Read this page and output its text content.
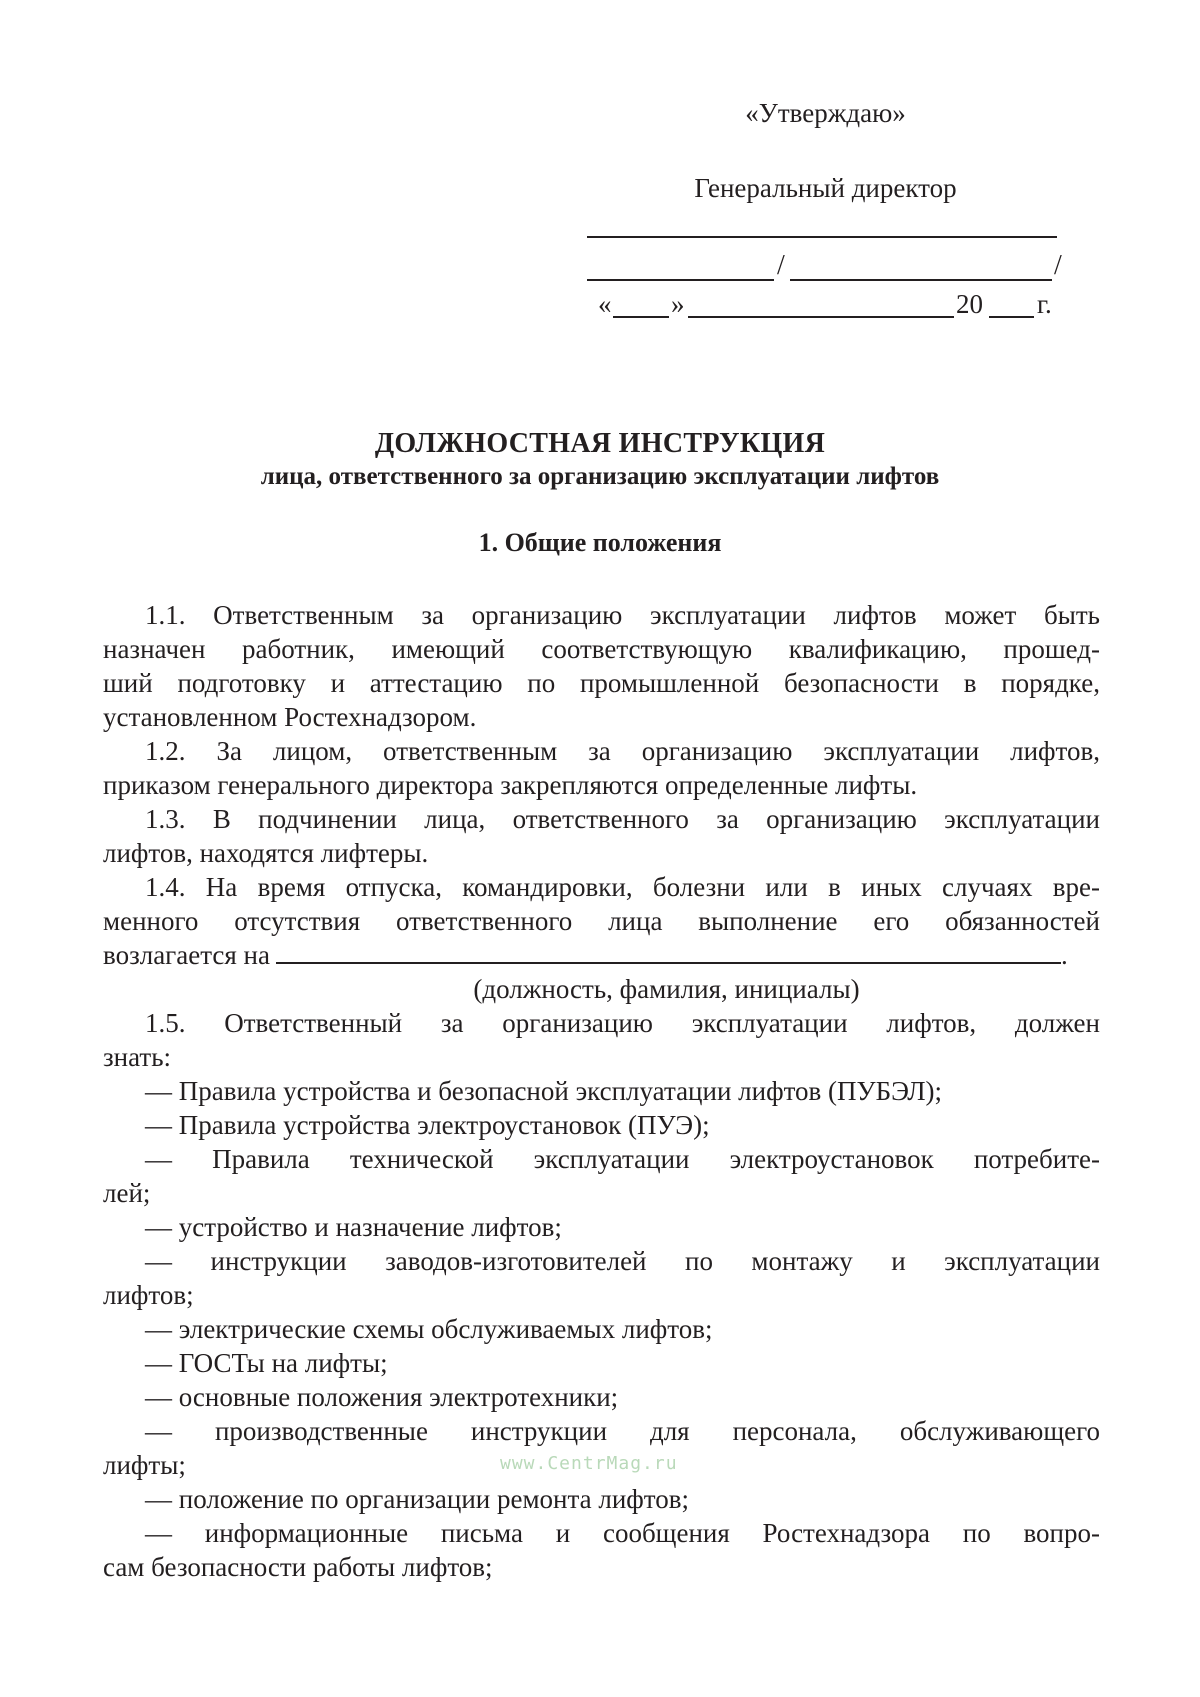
«Утверждаю»
Генеральный директор
/	/
« »	20 г.
ДОЛЖНОСТНАЯ ИНСТРУКЦИЯ
лица, ответственного за организацию эксплуатации лифтов
1. Общие положения

1.1. Ответственным за организацию эксплуатации лифтов может быть

назначен работник, имеющий соответствующую квалификацию, прошед-

ший подготовку и аттестацию по промышленной безопасности в порядке,

установленном Ростехнадзором.

1.2. За лицом, ответственным за организацию эксплуатации лифтов,

приказом генерального директора закрепляются определенные лифты.

1.3. В подчинении лица, ответственного за организацию эксплуатации

лифтов, находятся лифтеры.

1.4. На время отпуска, командировки, болезни или в иных случаях вре-

менного отсутствия ответственного лица выполнение его обязанностей

возлагается на	.

(должность, фамилия, инициалы)

1.5. Ответственный за организацию эксплуатации лифтов, должен

знать:

— Правила устройства и безопасной эксплуатации лифтов (ПУБЭЛ);

— Правила устройства электроустановок (ПУЭ);

— Правила технической эксплуатации электроустановок потребите-

лей;

— устройство и назначение лифтов;

— инструкции заводов-изготовителей по монтажу и эксплуатации

лифтов;

— электрические схемы обслуживаемых лифтов;

— ГОСТы на лифты;

— основные положения электротехники;

— производственные инструкции для персонала, обслуживающего

лифты;

— положение по организации ремонта лифтов;

— информационные письма и сообщения Ростехнадзора по вопро-

сам безопасности работы лифтов;

www.CentrMag.ru
